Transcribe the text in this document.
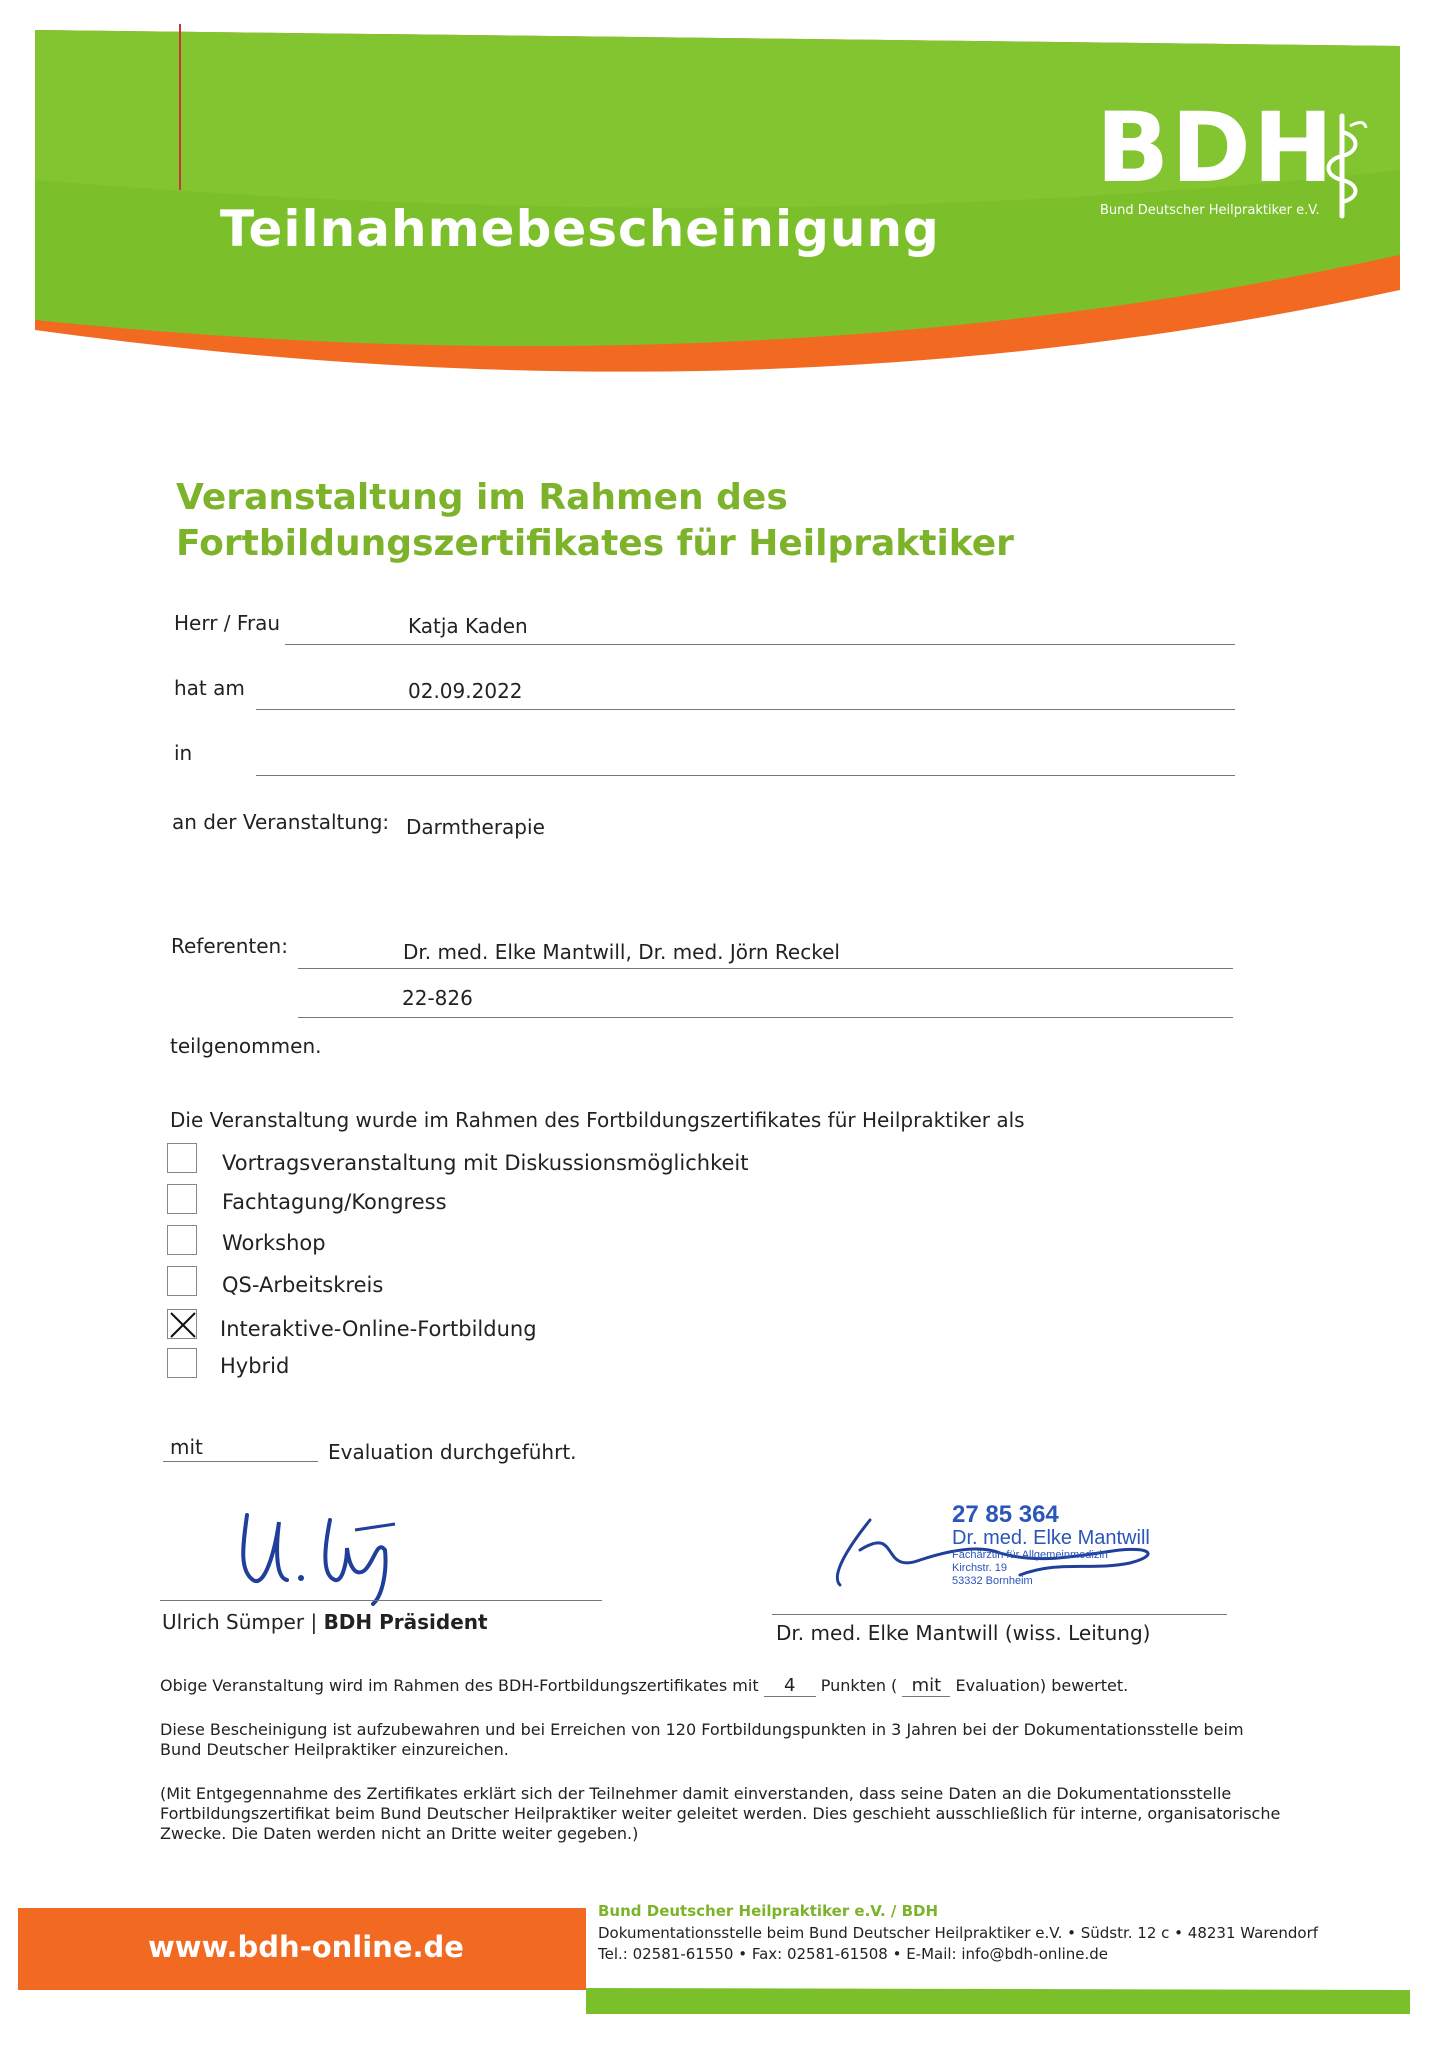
Teilnahmebescheinigung
BDH
Bund Deutscher Heilpraktiker e.V.
Veranstaltung im Rahmen des
Fortbildungszertifikates für Heilpraktiker
Herr / Frau	Katja Kaden
hat am	02.09.2022
in
an der Veranstaltung: Darmtherapie
Referenten:	Dr. med. Elke Mantwill, Dr. med. Jörn Reckel
22-826
teilgenommen.
Die Veranstaltung wurde im Rahmen des Fortbildungszertifikates für Heilpraktiker als
Vortragsveranstaltung mit Diskussionsmöglichkeit
Fachtagung/Kongress
Workshop
QS-Arbeitskreis
Interaktive-Online-Fortbildung
Hybrid
mit	Evaluation durchgeführt.
Ulrich Sümper | BDH Präsident
27 85 364
Dr. med. Elke Mantwill
Fachärztin für Allgemeinmedizin
Kirchstr. 19
53332 Bornheim
Dr. med. Elke Mantwill (wiss. Leitung)
Obige Veranstaltung wird im Rahmen des BDH-Fortbildungszertifikates mit 4 Punkten ( mit Evaluation) bewertet.
Diese Bescheinigung ist aufzubewahren und bei Erreichen von 120 Fortbildungspunkten in 3 Jahren bei der Dokumentationsstelle beim
Bund Deutscher Heilpraktiker einzureichen.
(Mit Entgegennahme des Zertifikates erklärt sich der Teilnehmer damit einverstanden, dass seine Daten an die Dokumentationsstelle
Fortbildungszertifikat beim Bund Deutscher Heilpraktiker weiter geleitet werden. Dies geschieht ausschließlich für interne, organisatorische
Zwecke. Die Daten werden nicht an Dritte weiter gegeben.)
www.bdh-online.de
Bund Deutscher Heilpraktiker e.V. / BDH
Dokumentationsstelle beim Bund Deutscher Heilpraktiker e.V. • Südstr. 12 c • 48231 Warendorf
Tel.: 02581-61550 • Fax: 02581-61508 • E-Mail: info@bdh-online.de
